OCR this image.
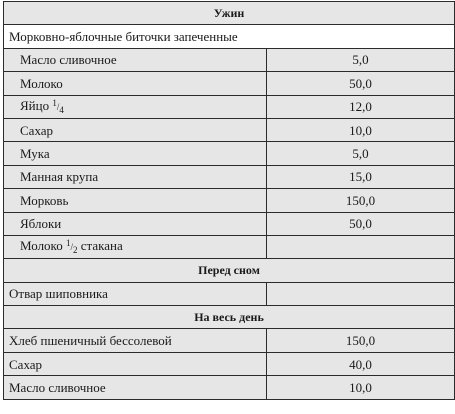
Ужин	
Морковно-яблочные биточки запеченные	
Масло сливочное	5,0
Молоко	50,0
Яйцо $^1/_4$	12,0
Сахар	10,0
Мука	5,0
Манная крупа	15,0
Морковь	150,0
Яблоки	50,0
Молоко $^1/_2$ стакана	
Перед сном	
Отвар шиповника	
На весь день	
Хлеб пшеничный бессолевой	150,0
Сахар	40,0
Масло сливочное	10,0
